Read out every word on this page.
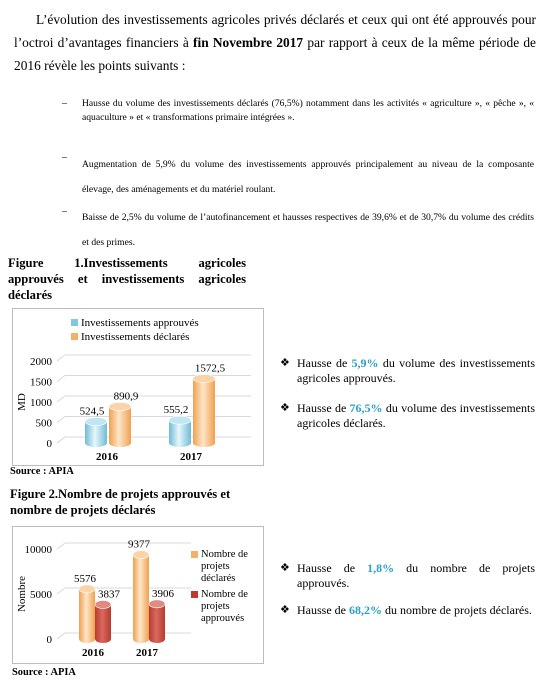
L’évolution des investissements agricoles privés déclarés et ceux qui ont été approuvés pour l’octroi d’avantages financiers à fin Novembre 2017 par rapport à ceux de la même période de 2016 révèle les points suivants :
– Hausse du volume des investissements déclarés (76,5%) notamment dans les activités « agriculture », « pêche », « aquaculture » et « transformations primaire intégrées ».
–
Augmentation de 5,9% du volume des investissements approuvés principalement au niveau de la composante élevage, des aménagements et du matériel roulant.
–
Baisse de 2,5% du volume de l’autofinancement et hausses respectives de 39,6% et de 30,7% du volume des crédits et des primes.
Figure 1.Investissements agricoles approuvés et investissements agricoles déclarés
0
500
1000
1500
2000
MD
524,5
890,9
2016
555,2
1572,5
2017
Investissements approuvés
Investissements déclarés
Source : APIA
❖ Hausse de 5,9% du volume des investissements agricoles approuvés.
❖ Hausse de 76,5% du volume des investissements agricoles déclarés.
Figure 2.Nombre de projets approuvés et nombre de projets déclarés
0
5000
10000
Nombre	5576
3837
2016
9377
3906
2017
Nombre de projets déclarés
Nombre de projets approuvés
Source : APIA
❖ Hausse de 1,8% du nombre de projets approuvés.
❖ Hausse de 68,2% du nombre de projets déclarés.
